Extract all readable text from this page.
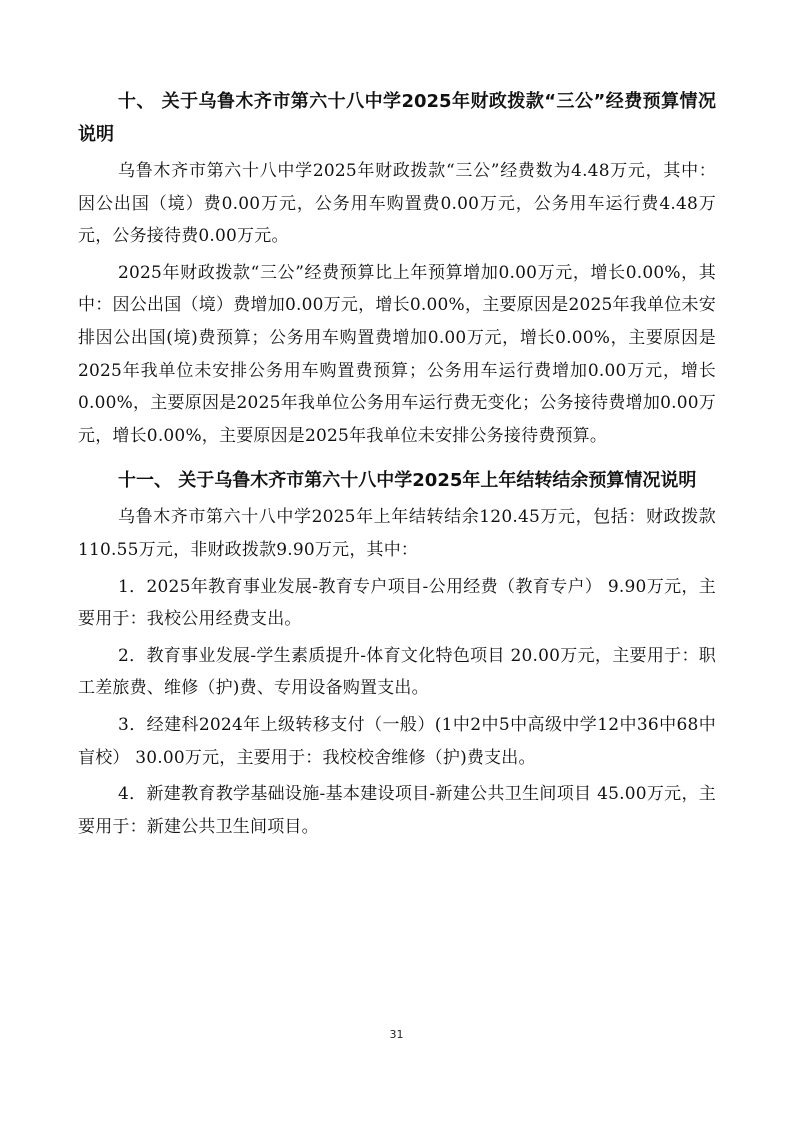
十、 关于乌鲁木齐市第六十八中学2025年财政拨款“三公”经费预算情况说明

乌鲁木齐市第六十八中学2025年财政拨款“三公”经费数为4.48万元，其中：因公出国（境）费0.00万元，公务用车购置费0.00万元，公务用车运行费4.48万元，公务接待费0.00万元。

2025年财政拨款“三公”经费预算比上年预算增加0.00万元，增长0.00%，其中：因公出国（境）费增加0.00万元，增长0.00%，主要原因是2025年我单位未安排因公出国(境)费预算；公务用车购置费增加0.00万元，增长0.00%，主要原因是2025年我单位未安排公务用车购置费预算；公务用车运行费增加0.00万元，增长0.00%，主要原因是2025年我单位公务用车运行费无变化；公务接待费增加0.00万元，增长0.00%，主要原因是2025年我单位未安排公务接待费预算。

十一、 关于乌鲁木齐市第六十八中学2025年上年结转结余预算情况说明

乌鲁木齐市第六十八中学2025年上年结转结余120.45万元，包括：财政拨款110.55万元，非财政拨款9.90万元，其中：

1．2025年教育事业发展-教育专户项目-公用经费（教育专户） 9.90万元，主要用于：我校公用经费支出。

2．教育事业发展-学生素质提升-体育文化特色项目 20.00万元，主要用于：职工差旅费、维修（护)费、专用设备购置支出。

3．经建科2024年上级转移支付（一般）(1中2中5中高级中学12中36中68中盲校） 30.00万元，主要用于：我校校舍维修（护)费支出。

4．新建教育教学基础设施-基本建设项目-新建公共卫生间项目 45.00万元，主要用于：新建公共卫生间项目。

31
